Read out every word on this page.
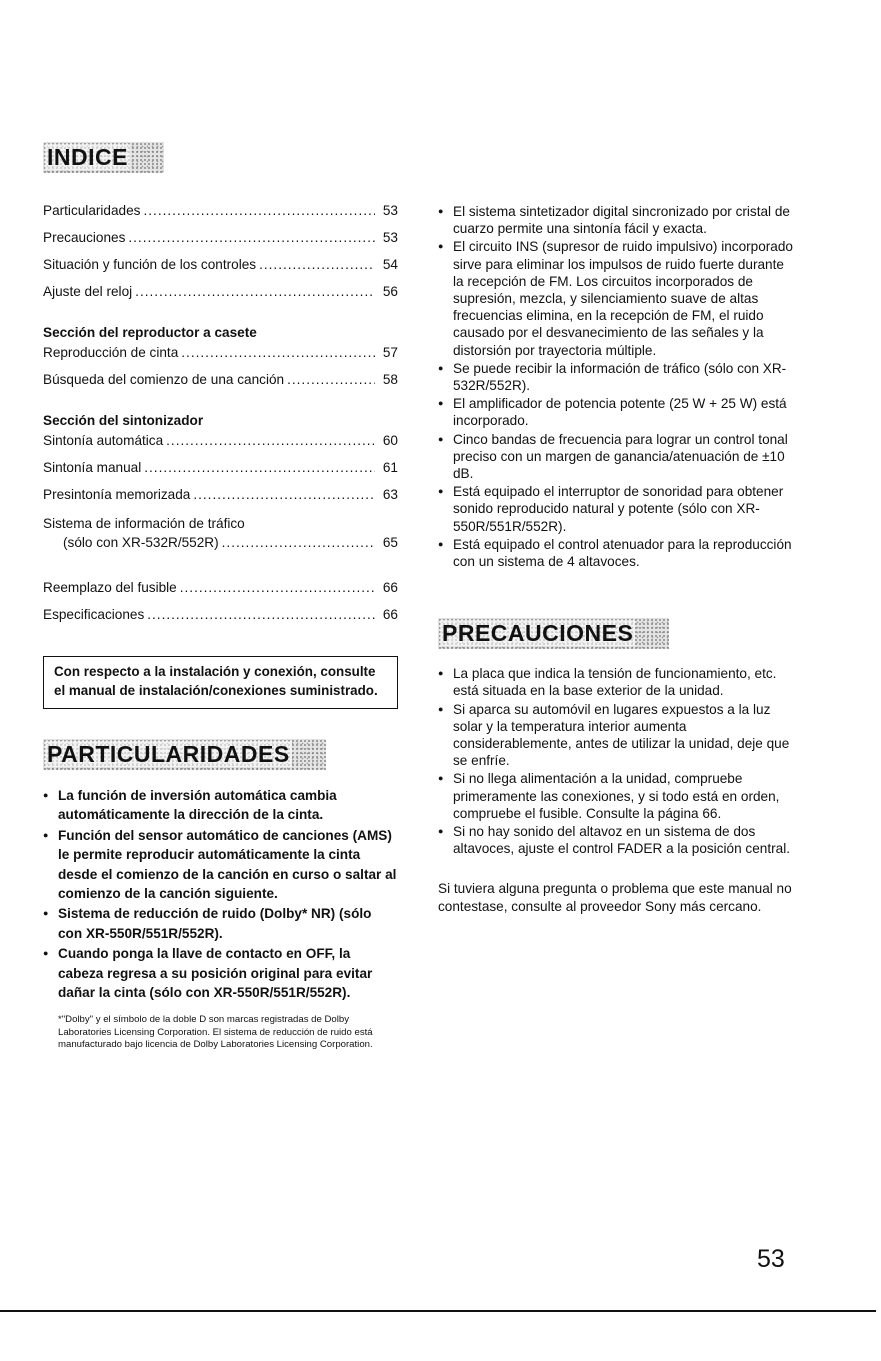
INDICE
Particularidades .....	53
Precauciones .....	53
Situación y función de los controles .....	54
Ajuste del reloj .....	56
Sección del reproductor a casete
Reproducción de cinta .....	57
Búsqueda del comienzo de una canción .....	58
Sección del sintonizador
Sintonía automática .....	60
Sintonía manual .....	61
Presintonía memorizada .....	63
Sistema de información de tráfico
(sólo con XR-532R/552R) .....	65
Reemplazo del fusible .....	66
Especificaciones .....	66
Con respecto a la instalación y conexión, consulte el manual de instalación/conexiones suministrado.
PARTICULARIDADES
● La función de inversión automática cambia automáticamente la dirección de la cinta.
● Función del sensor automático de canciones (AMS) le permite reproducir automáticamente la cinta desde el comienzo de la canción en curso o saltar al comienzo de la canción siguiente.
● Sistema de reducción de ruido (Dolby* NR) (sólo con XR-550R/551R/552R).
● Cuando ponga la llave de contacto en OFF, la cabeza regresa a su posición original para evitar dañar la cinta (sólo con XR-550R/551R/552R).
*"Dolby" y el símbolo de la doble D son marcas registradas de Dolby Laboratories Licensing Corporation. El sistema de reducción de ruido está manufacturado bajo licencia de Dolby Laboratories Licensing Corporation.
● El sistema sintetizador digital sincronizado por cristal de cuarzo permite una sintonía fácil y exacta.
● El circuito INS (supresor de ruido impulsivo) incorporado sirve para eliminar los impulsos de ruido fuerte durante la recepción de FM. Los circuitos incorporados de supresión, mezcla, y silenciamiento suave de altas frecuencias elimina, en la recepción de FM, el ruido causado por el desvanecimiento de las señales y la distorsión por trayectoria múltiple.
● Se puede recibir la información de tráfico (sólo con XR-532R/552R).
● El amplificador de potencia potente (25 W + 25 W) está incorporado.
● Cinco bandas de frecuencia para lograr un control tonal preciso con un margen de ganancia/atenuación de ±10 dB.
● Está equipado el interruptor de sonoridad para obtener sonido reproducido natural y potente (sólo con XR-550R/551R/552R).
● Está equipado el control atenuador para la reproducción con un sistema de 4 altavoces.
PRECAUCIONES
● La placa que indica la tensión de funcionamiento, etc. está situada en la base exterior de la unidad.
● Si aparca su automóvil en lugares expuestos a la luz solar y la temperatura interior aumenta considerablemente, antes de utilizar la unidad, deje que se enfríe.
● Si no llega alimentación a la unidad, compruebe primeramente las conexiones, y si todo está en orden, compruebe el fusible. Consulte la página 66.
● Si no hay sonido del altavoz en un sistema de dos altavoces, ajuste el control FADER a la posición central.
Si tuviera alguna pregunta o problema que este manual no contestase, consulte al proveedor Sony más cercano.
53
